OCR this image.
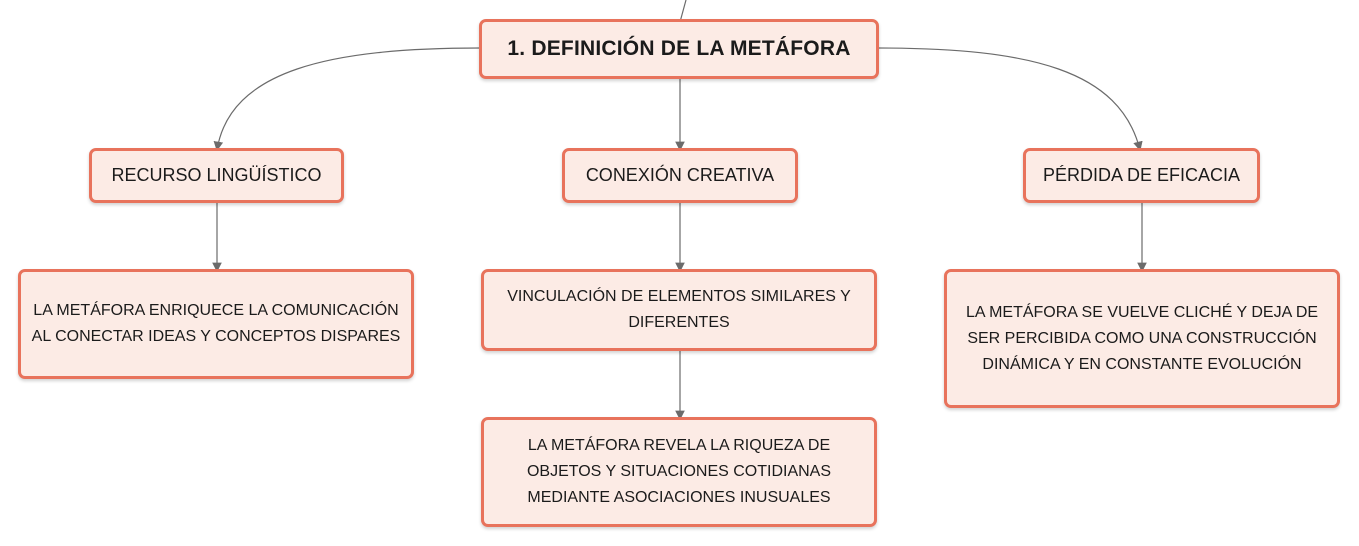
1. DEFINICIÓN DE LA METÁFORA
RECURSO LINGÜÍSTICO	CONEXIÓN CREATIVA	PÉRDIDA DE EFICACIA
LA METÁFORA ENRIQUECE LA COMUNICACIÓN AL CONECTAR IDEAS Y CONCEPTOS DISPARES
VINCULACIÓN DE ELEMENTOS SIMILARES Y DIFERENTES
LA METÁFORA REVELA LA RIQUEZA DE OBJETOS Y SITUACIONES COTIDIANAS MEDIANTE ASOCIACIONES INUSUALES
LA METÁFORA SE VUELVE CLICHÉ Y DEJA DE SER PERCIBIDA COMO UNA CONSTRUCCIÓN DINÁMICA Y EN CONSTANTE EVOLUCIÓN
